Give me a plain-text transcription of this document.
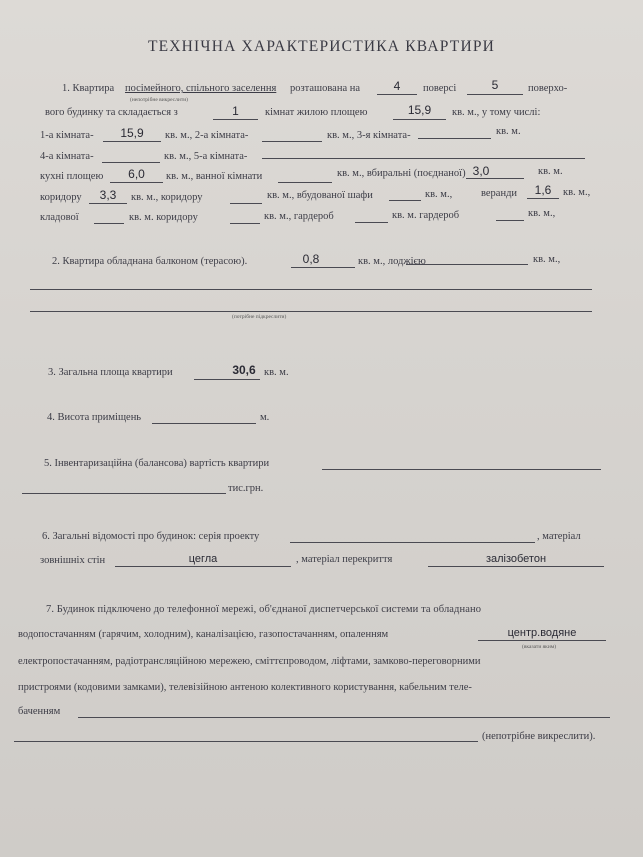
ТЕХНІЧНА ХАРАКТЕРИСТИКА КВАРТИРИ
1. Квартира посімейного, спільного заселення розташована на	4	поверсі	5	поверхо-
(непотрібне викреслити)
вого будинку та складається з	1	кімнат жилою площею	15,9	кв. м., у тому числі:
1-а кімната-	15,9	кв. м., 2-а кімната-	кв. м., 3-я кімната-	кв. м.
4-а кімната-	кв. м., 5-а кімната-
кухні площею	6,0	кв. м., ванної кімнати	кв. м., вбиральні (поєднаної) 3,0	кв. м.
коридору	3,3	кв. м., коридору	кв. м., вбудованої шафи	кв. м.,	веранди	1,6	кв. м.,
кладової	кв. м. коридору	кв. м., гардероб	кв. м. гардероб	кв. м.,
2. Квартира обладнана балконом (терасою).	0,8	кв. м., лоджією	кв. м.,
(потрібне підкреслити)
3. Загальна площа квартири	30,6 кв. м.
4. Висота приміщень	м.
5. Інвентаризаційна (балансова) вартість квартири
тис.грн.
6. Загальні відомості про будинок: серія проекту	, матеріал
зовнішніх стін	цегла	, матеріал перекриття	залізобетон
7. Будинок підключено до телефонної мережі, об'єднаної диспетчерської системи та обладнано
водопостачанням (гарячим, холодним), каналізацією, газопостачанням, опаленням	центр.водяне
(вказати яким)
електропостачанням, радіотрансляційною мережею, сміттєпроводом, ліфтами, замково-переговорними
пристроями (кодовими замками), телевізійною антеною колективного користування, кабельним теле-
баченням
(непотрібне викреслити).
